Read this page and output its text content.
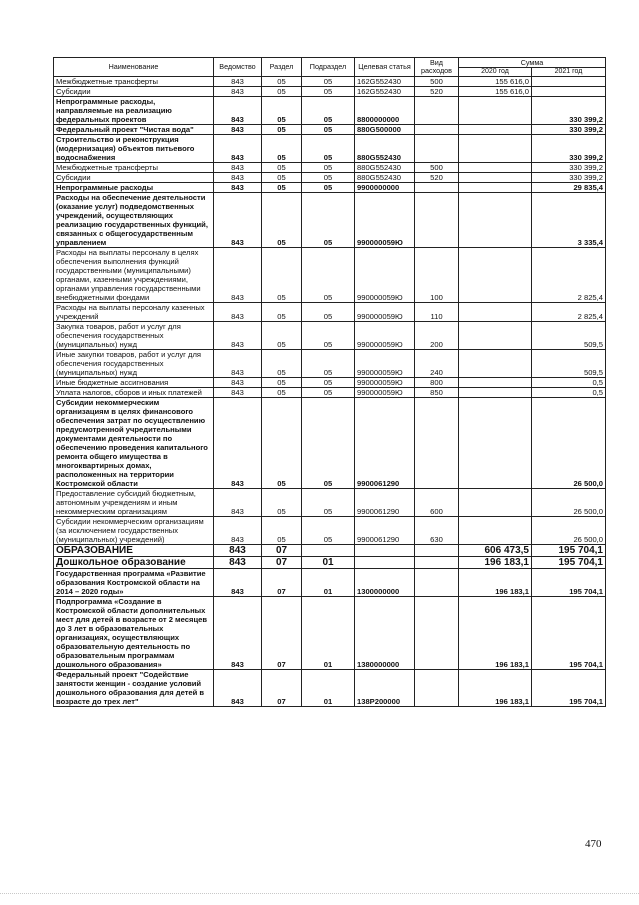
Наименование	Ведомство	Раздел	Подраздел	Целевая статья	Вид расходов	Сумма	
						2020 год	2021 год
Межбюджетные трансферты	843	05	05	162G552430	500	155 616,0	
Субсидии	843	05	05	162G552430	520	155 616,0	
Непрограммные расходы, направляемые на реализацию федеральных проектов	843	05	05	8800000000			330 399,2
Федеральный проект "Чистая вода"	843	05	05	880G500000			330 399,2
Строительство и реконструкция (модернизация) объектов питьевого водоснабжения	843	05	05	880G552430			330 399,2
Межбюджетные трансферты	843	05	05	880G552430	500		330 399,2
Субсидии	843	05	05	880G552430	520		330 399,2
Непрограммные расходы	843	05	05	9900000000			29 835,4
Расходы на обеспечение деятельности (оказание услуг) подведомственных учреждений, осуществляющих реализацию государственных функций, связанных с общегосударственным управлением	843	05	05	990000059Ю			3 335,4
Расходы на выплаты персоналу в целях обеспечения выполнения функций государственными (муниципальными) органами, казенными учреждениями, органами управления государственными внебюджетными фондами	843	05	05	990000059Ю	100		2 825,4
Расходы на выплаты персоналу казенных учреждений	843	05	05	990000059Ю	110		2 825,4
Закупка товаров, работ и услуг для обеспечения государственных (муниципальных) нужд	843	05	05	990000059Ю	200		509,5
Иные закупки товаров, работ и услуг для обеспечения государственных (муниципальных) нужд	843	05	05	990000059Ю	240		509,5
Иные бюджетные ассигнования	843	05	05	990000059Ю	800		0,5
Уплата налогов, сборов и иных платежей	843	05	05	990000059Ю	850		0,5
Субсидии некоммерческим организациям в целях финансового обеспечения затрат по осуществлению предусмотренной учредительными документами деятельности по обеспечению проведения капитального ремонта общего имущества в многоквартирных домах, расположенных на территории Костромской области	843	05	05	9900061290			26 500,0
Предоставление субсидий бюджетным, автономным учреждениям и иным некоммерческим организациям	843	05	05	9900061290	600		26 500,0
Субсидии некоммерческим организациям (за исключением государственных (муниципальных) учреждений)	843	05	05	9900061290	630		26 500,0
ОБРАЗОВАНИЕ	843	07				606 473,5	195 704,1
Дошкольное образование	843	07	01			196 183,1	195 704,1
Государственная программа «Развитие образования Костромской области на 2014 – 2020 годы»	843	07	01	1300000000		196 183,1	195 704,1
Подпрограмма «Создание в Костромской области дополнительных мест для детей в возрасте от 2 месяцев до 3 лет в образовательных организациях, осуществляющих образовательную деятельность по образовательным программам дошкольного образования»	843	07	01	1380000000		196 183,1	195 704,1
Федеральный проект "Содействие занятости женщин - создание условий дошкольного образования для детей в возрасте до трех лет"	843	07	01	138P200000		196 183,1	195 704,1
470
